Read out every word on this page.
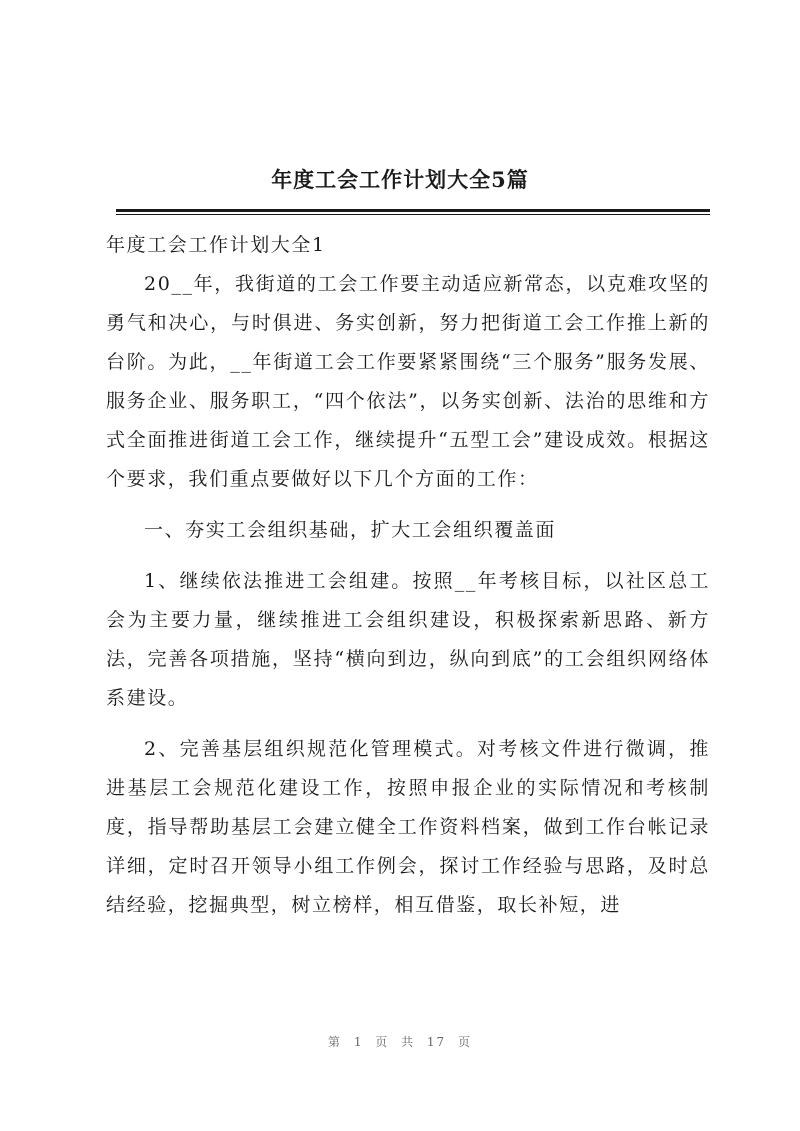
年度工会工作计划大全5篇
年度工会工作计划大全1

20__年，我街道的工会工作要主动适应新常态，以克难攻坚的勇气和决心，与时俱进、务实创新，努力把街道工会工作推上新的台阶。为此，__年街道工会工作要紧紧围绕“三个服务”服务发展、服务企业、服务职工，“四个依法”，以务实创新、法治的思维和方式全面推进街道工会工作，继续提升“五型工会”建设成效。根据这个要求，我们重点要做好以下几个方面的工作：

一、夯实工会组织基础，扩大工会组织覆盖面

1、继续依法推进工会组建。按照__年考核目标，以社区总工会为主要力量，继续推进工会组织建设，积极探索新思路、新方法，完善各项措施，坚持“横向到边，纵向到底”的工会组织网络体系建设。

2、完善基层组织规范化管理模式。对考核文件进行微调，推进基层工会规范化建设工作，按照申报企业的实际情况和考核制度，指导帮助基层工会建立健全工作资料档案，做到工作台帐记录详细，定时召开领导小组工作例会，探讨工作经验与思路，及时总结经验，挖掘典型，树立榜样，相互借鉴，取长补短，进

第 1 页 共 17 页
